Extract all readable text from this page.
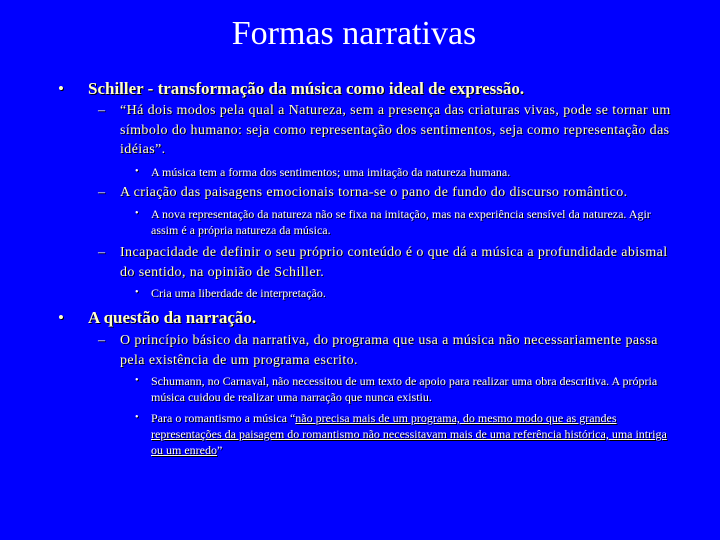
Formas narrativas
• Schiller - transformação da música como ideal de expressão.
– “Há dois modos pela qual a Natureza, sem a presença das criaturas vivas, pode se tornar um símbolo do humano: seja como representação dos sentimentos, seja como representação das idéias”.
• A música tem a forma dos sentimentos; uma imitação da natureza humana.
– A criação das paisagens emocionais torna-se o pano de fundo do discurso romântico.
• A nova representação da natureza não se fixa na imitação, mas na experiência sensível da natureza. Agir assim é a própria natureza da música.
– Incapacidade de definir o seu próprio conteúdo é o que dá a música a profundidade abismal do sentido, na opinião de Schiller.
• Cria uma liberdade de interpretação.
• A questão da narração.
– O princípio básico da narrativa, do programa que usa a música não necessariamente passa pela existência de um programa escrito.
• Schumann, no Carnaval, não necessitou de um texto de apoio para realizar uma obra descritiva. A própria música cuidou de realizar uma narração que nunca existiu.
• Para o romantismo a música “não precisa mais de um programa, do mesmo modo que as grandes representações da paisagem do romantismo não necessitavam mais de uma referência histórica, uma intriga ou um enredo”
